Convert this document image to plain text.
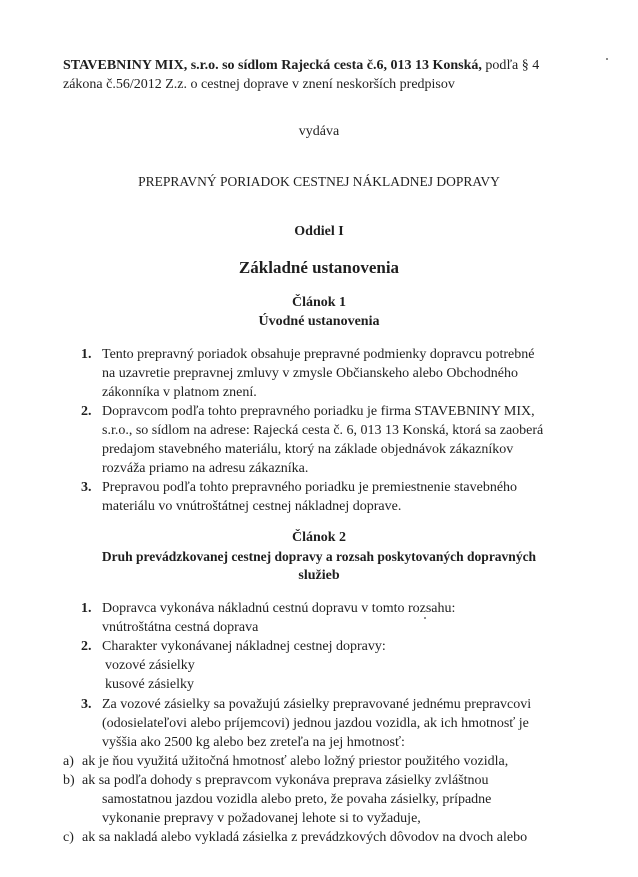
STAVEBNINY MIX, s.r.o. so sídlom Rajecká cesta č.6, 013 13 Konská, podľa § 4
zákona č.56/2012 Z.z. o cestnej doprave v znení neskorších predpisov
vydáva
PREPRAVNÝ PORIADOK CESTNEJ NÁKLADNEJ DOPRAVY
Oddiel I
Základné ustanovenia
Článok 1
Úvodné ustanovenia
1. Tento prepravný poriadok obsahuje prepravné podmienky dopravcu potrebné
na uzavretie prepravnej zmluvy v zmysle Občianskeho alebo Obchodného
zákonníka v platnom znení.
2. Dopravcom podľa tohto prepravného poriadku je firma STAVEBNINY MIX,
s.r.o., so sídlom na adrese: Rajecká cesta č. 6, 013 13 Konská, ktorá sa zaoberá
predajom stavebného materiálu, ktorý na základe objednávok zákazníkov
rozváža priamo na adresu zákazníka.
3. Prepravou podľa tohto prepravného poriadku je premiestnenie stavebného
materiálu vo vnútroštátnej cestnej nákladnej doprave.
Článok 2
Druh prevádzkovanej cestnej dopravy a rozsah poskytovaných dopravných
služieb
1. Dopravca vykonáva nákladnú cestnú dopravu v tomto rozsahu:
vnútroštátna cestná doprava
2. Charakter vykonávanej nákladnej cestnej dopravy:
vozové zásielky
kusové zásielky
3. Za vozové zásielky sa považujú zásielky prepravované jednému prepravcovi
(odosielateľovi alebo príjemcovi) jednou jazdou vozidla, ak ich hmotnosť je
vyššia ako 2500 kg alebo bez zreteľa na jej hmotnosť:
a) ak je ňou využitá užitočná hmotnosť alebo ložný priestor použitého vozidla,
b) ak sa podľa dohody s prepravcom vykonáva preprava zásielky zvláštnou
samostatnou jazdou vozidla alebo preto, že povaha zásielky, prípadne
vykonanie prepravy v požadovanej lehote si to vyžaduje,
c) ak sa nakladá alebo vykladá zásielka z prevádzkových dôvodov na dvoch alebo
